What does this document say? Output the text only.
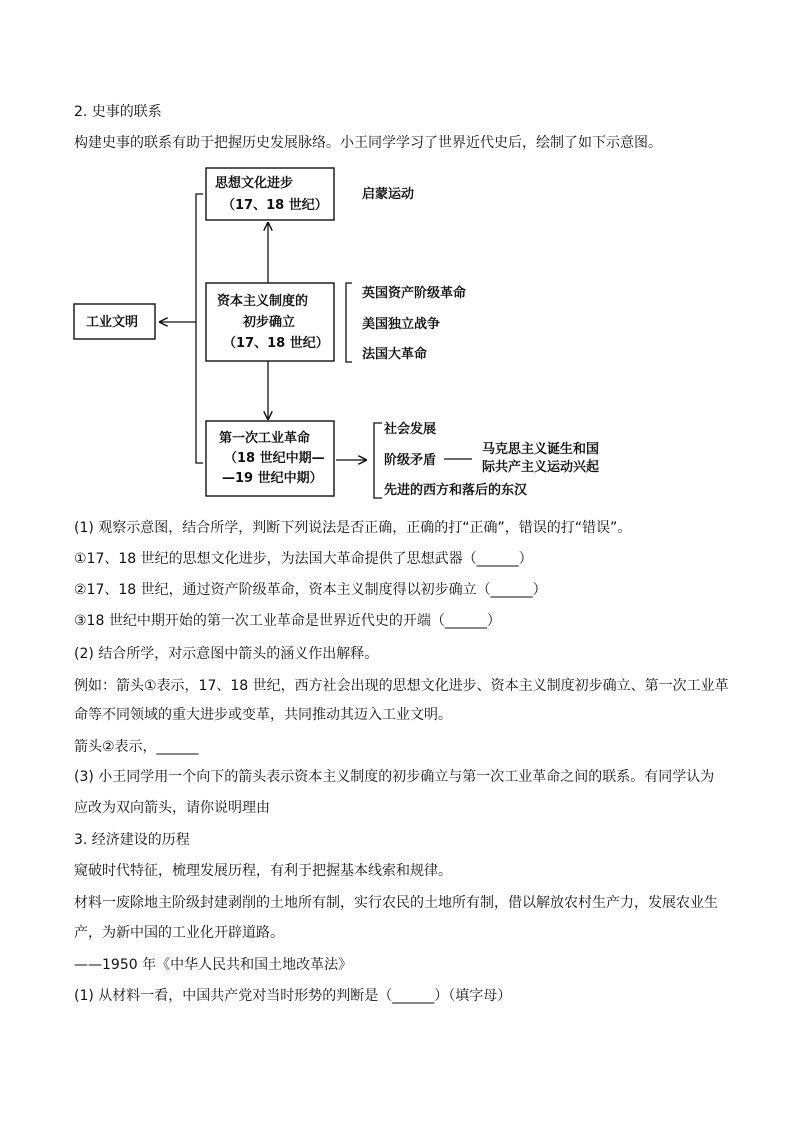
2. 史事的联系
构建史事的联系有助于把握历史发展脉络。小王同学学习了世界近代史后，绘制了如下示意图。
思想文化进步
（17、18 世纪）
启蒙运动
工业文明
资本主义制度的
初步确立
（17、18 世纪）
英国资产阶级革命
美国独立战争
法国大革命
第一次工业革命
（18 世纪中期—
—19 世纪中期）
社会发展
阶级矛盾
先进的西方和落后的东汉
马克思主义诞生和国
际共产主义运动兴起
(1) 观察示意图，结合所学，判断下列说法是否正确，正确的打“正确”，错误的打“错误”。
①17、18 世纪的思想文化进步，为法国大革命提供了思想武器（______）
②17、18 世纪，通过资产阶级革命，资本主义制度得以初步确立（______）
③18 世纪中期开始的第一次工业革命是世界近代史的开端（______）
(2) 结合所学，对示意图中箭头的涵义作出解释。
例如：箭头①表示，17、18 世纪，西方社会出现的思想文化进步、资本主义制度初步确立、第一次工业革
命等不同领域的重大进步或变革，共同推动其迈入工业文明。
箭头②表示，______
(3) 小王同学用一个向下的箭头表示资本主义制度的初步确立与第一次工业革命之间的联系。有同学认为
应改为双向箭头，请你说明理由
3. 经济建设的历程
窥破时代特征，梳理发展历程，有利于把握基本线索和规律。
材料一废除地主阶级封建剥削的土地所有制，实行农民的土地所有制，借以解放农村生产力，发展农业生
产，为新中国的工业化开辟道路。
——1950 年《中华人民共和国土地改革法》
(1) 从材料一看，中国共产党对当时形势的判断是（______）（填字母）
